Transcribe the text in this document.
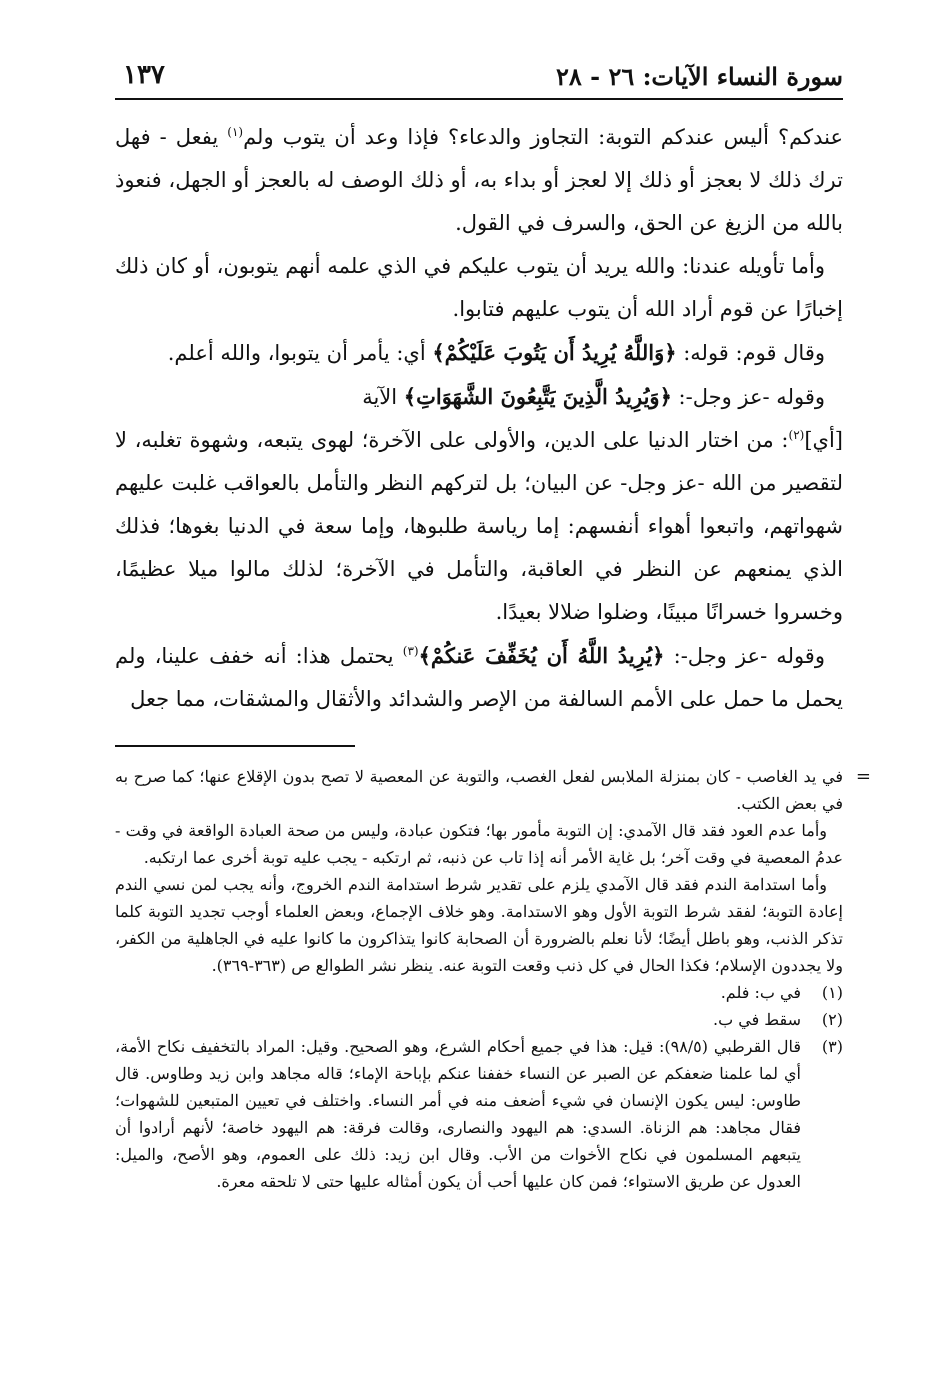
سورة النساء الآيات: ٢٦ - ٢٨
١٣٧

عندكم؟ أليس عندكم التوبة: التجاوز والدعاء؟ فإذا وعد أن يتوب ولم$^{(١)}$ يفعل - فهل ترك ذلك لا بعجز أو ذلك إلا لعجز أو بداء به، أو ذلك الوصف له بالعجز أو الجهل، فنعوذ بالله من الزيغ عن الحق، والسرف في القول.

وأما تأويله عندنا: والله يريد أن يتوب عليكم في الذي علمه أنهم يتوبون، أو كان ذلك إخبارًا عن قوم أراد الله أن يتوب عليهم فتابوا.

وقال قوم: قوله: ﴿وَاللَّهُ يُرِيدُ أَن يَتُوبَ عَلَيْكُمْ﴾ أي: يأمر أن يتوبوا، والله أعلم.

وقوله -عز وجل-: ﴿وَيُرِيدُ الَّذِينَ يَتَّبِعُونَ الشَّهَوَاتِ﴾ الآية

[أي]$^{(٢)}$: من اختار الدنيا على الدين، والأولى على الآخرة؛ لهوى يتبعه، وشهوة تغلبه، لا لتقصير من الله -عز وجل- عن البيان؛ بل لتركهم النظر والتأمل بالعواقب غلبت عليهم شهواتهم، واتبعوا أهواء أنفسهم: إما رياسة طلبوها، وإما سعة في الدنيا بغوها؛ فذلك الذي يمنعهم عن النظر في العاقبة، والتأمل في الآخرة؛ لذلك مالوا ميلا عظيمًا، وخسروا خسرانًا مبينًا، وضلوا ضلالا بعيدًا.

وقوله -عز وجل-: ﴿يُرِيدُ اللَّهُ أَن يُخَفِّفَ عَنكُمْ﴾$^{(٣)}$ يحتمل هذا: أنه خفف علينا، ولم يحمل ما حمل على الأمم السالفة من الإصر والشدائد والأثقال والمشقات، مما جعل

=

في يد الغاصب - كان بمنزلة الملابس لفعل الغصب، والتوبة عن المعصية لا تصح بدون الإقلاع عنها؛ كما صرح به في بعض الكتب.

وأما عدم العود فقد قال الآمدي: إن التوبة مأمور بها؛ فتكون عبادة، وليس من صحة العبادة الواقعة في وقت - عدمُ المعصية في وقت آخر؛ بل غاية الأمر أنه إذا تاب عن ذنبه، ثم ارتكبه - يجب عليه توبة أخرى عما ارتكبه.

وأما استدامة الندم فقد قال الآمدي يلزم على تقدير شرط استدامة الندم الخروج، وأنه يجب لمن نسي الندم إعادة التوبة؛ لفقد شرط التوبة الأول وهو الاستدامة. وهو خلاف الإجماع، وبعض العلماء أوجب تجديد التوبة كلما تذكر الذنب، وهو باطل أيضًا؛ لأنا نعلم بالضرورة أن الصحابة كانوا يتذاكرون ما كانوا عليه في الجاهلية من الكفر، ولا يجددون الإسلام؛ فكذا الحال في كل ذنب وقعت التوبة عنه. ينظر نشر الطوالع ص (٣٦٣-٣٦٩).

(١)
في ب: فلم.
(٢)
سقط في ب.
(٣)
قال القرطبي (٩٨/٥): قيل: هذا في جميع أحكام الشرع، وهو الصحيح. وقيل: المراد بالتخفيف نكاح الأمة، أي لما علمنا ضعفكم عن الصبر عن النساء خففنا عنكم بإباحة الإماء؛ قاله مجاهد وابن زيد وطاوس. قال طاوس: ليس يكون الإنسان في شيء أضعف منه في أمر النساء. واختلف في تعيين المتبعين للشهوات؛ فقال مجاهد: هم الزناة. السدي: هم اليهود والنصارى، وقالت فرقة: هم اليهود خاصة؛ لأنهم أرادوا أن يتبعهم المسلمون في نكاح الأخوات من الأب. وقال ابن زيد: ذلك على العموم، وهو الأصح، والميل: العدول عن طريق الاستواء؛ فمن كان عليها أحب أن يكون أمثاله عليها حتى لا تلحقه معرة.
